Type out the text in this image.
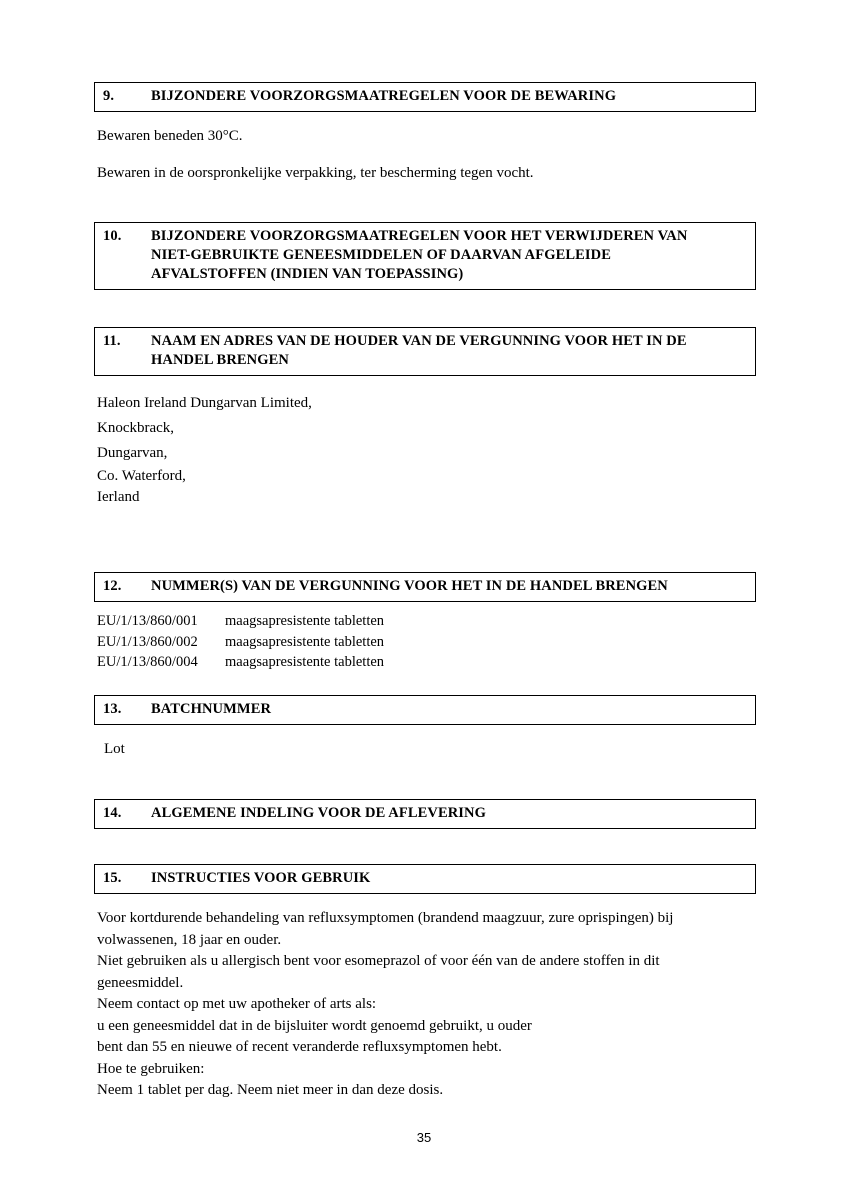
9.	BIJZONDERE VOORZORGSMAATREGELEN VOOR DE BEWARING

Bewaren beneden 30°C.

Bewaren in de oorspronkelijke verpakking, ter bescherming tegen vocht.

10.	BIJZONDERE VOORZORGSMAATREGELEN VOOR HET VERWIJDEREN VAN
NIET-GEBRUIKTE GENEESMIDDELEN OF DAARVAN AFGELEIDE
AFVALSTOFFEN (INDIEN VAN TOEPASSING)
11.	NAAM EN ADRES VAN DE HOUDER VAN DE VERGUNNING VOOR HET IN DE
HANDEL BRENGEN
Haleon Ireland Dungarvan Limited,
Knockbrack,
Dungarvan,
Co. Waterford,
Ierland
12.	NUMMER(S) VAN DE VERGUNNING VOOR HET IN DE HANDEL BRENGEN
EU/1/13/860/001	maagsapresistente tabletten
EU/1/13/860/002	maagsapresistente tabletten
EU/1/13/860/004	maagsapresistente tabletten
13.	BATCHNUMMER
Lot
14.	ALGEMENE INDELING VOOR DE AFLEVERING
15.	INSTRUCTIES VOOR GEBRUIK
Voor kortdurende behandeling van refluxsymptomen (brandend maagzuur, zure oprispingen) bij
volwassenen, 18 jaar en ouder.
Niet gebruiken als u allergisch bent voor esomeprazol of voor één van de andere stoffen in dit
geneesmiddel.
Neem contact op met uw apotheker of arts als:
u een geneesmiddel dat in de bijsluiter wordt genoemd gebruikt, u ouder
bent dan 55 en nieuwe of recent veranderde refluxsymptomen hebt.
Hoe te gebruiken:
Neem 1 tablet per dag. Neem niet meer in dan deze dosis.
35
